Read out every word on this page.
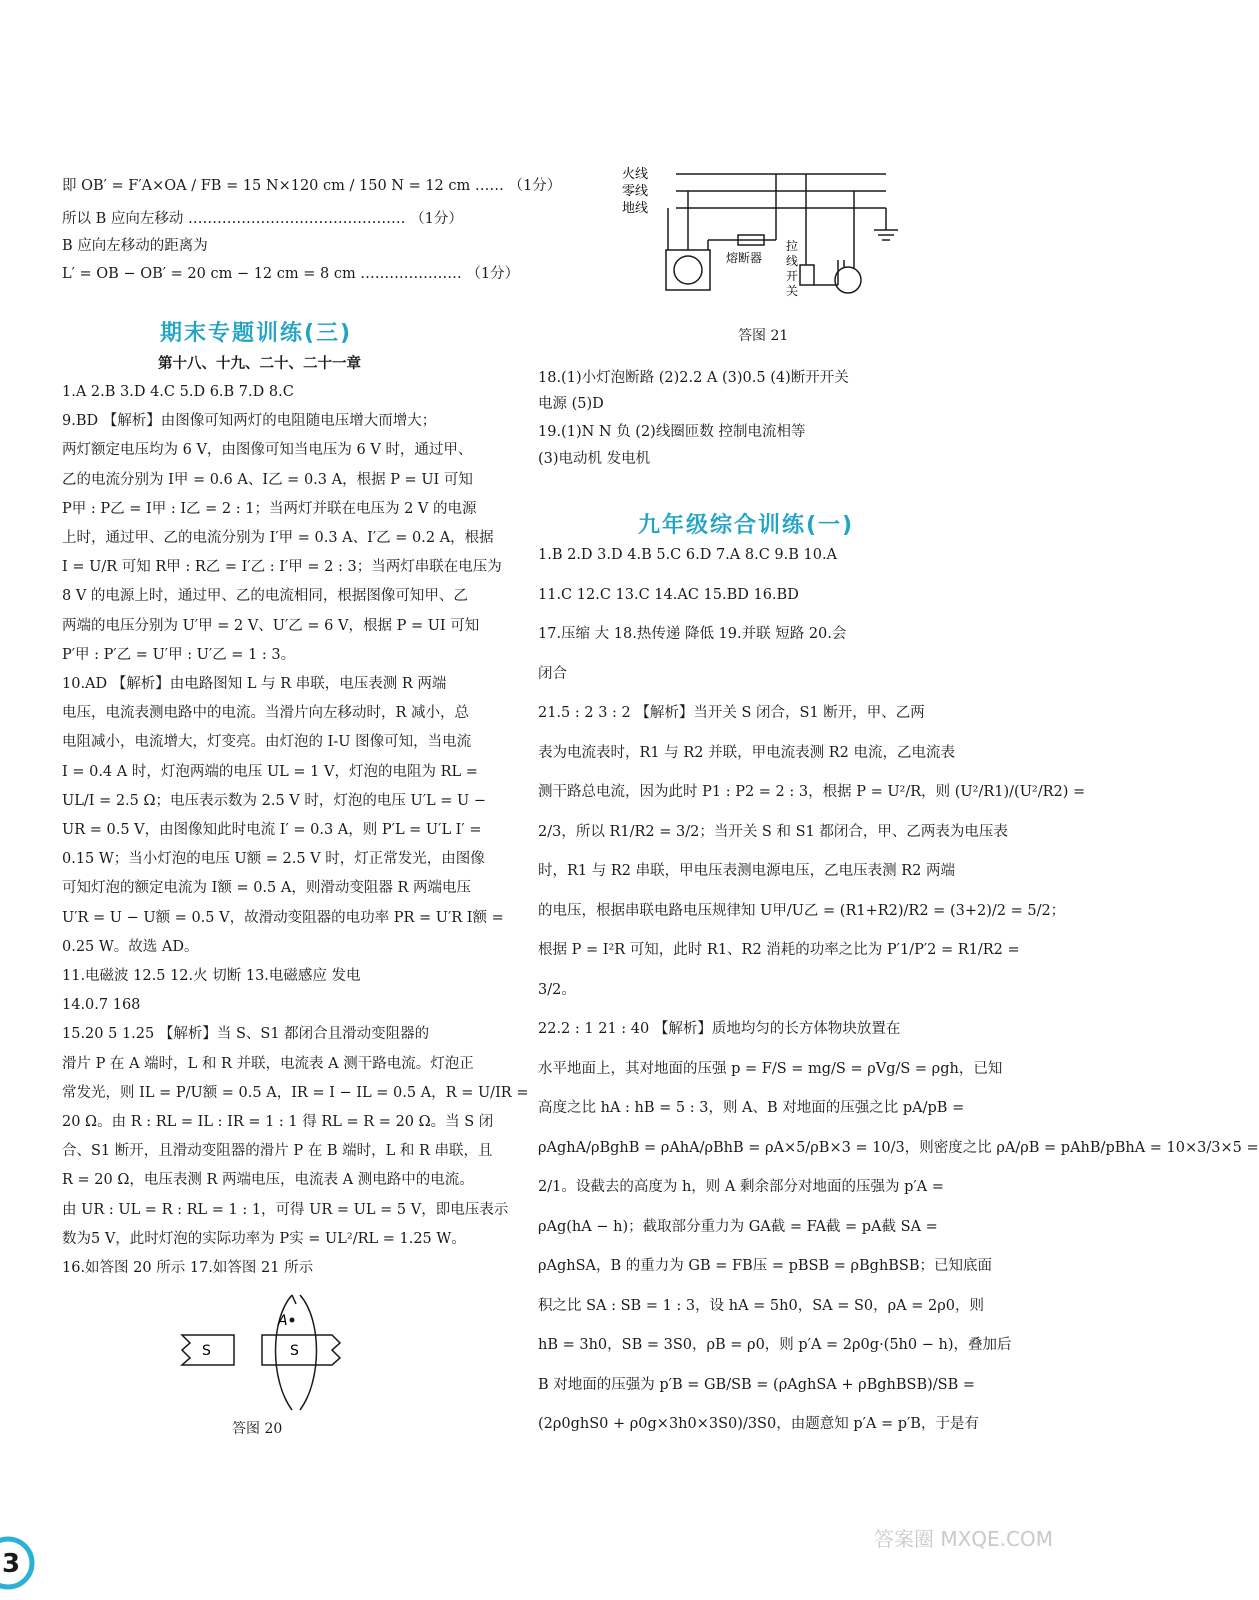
即 OB′ = F′A×OA / FB = 15 N×120 cm / 150 N = 12 cm …… （1分）
所以 B 应向左移动 ……………………………………… （1分）
B 应向左移动的距离为
L′ = OB − OB′ = 20 cm − 12 cm = 8 cm ………………… （1分）
期末专题训练(三)
第十八、十九、二十、二十一章
1.A 2.B 3.D 4.C 5.D 6.B 7.D 8.C
9.BD 【解析】由图像可知两灯的电阻随电压增大而增大；
两灯额定电压均为 6 V，由图像可知当电压为 6 V 时，通过甲、
乙的电流分别为 I甲 = 0.6 A、I乙 = 0.3 A，根据 P = UI 可知
P甲 : P乙 = I甲 : I乙 = 2 : 1；当两灯并联在电压为 2 V 的电源
上时，通过甲、乙的电流分别为 I′甲 = 0.3 A、I′乙 = 0.2 A，根据
I = U/R 可知 R甲 : R乙 = I′乙 : I′甲 = 2 : 3；当两灯串联在电压为
8 V 的电源上时，通过甲、乙的电流相同，根据图像可知甲、乙
两端的电压分别为 U′甲 = 2 V、U′乙 = 6 V，根据 P = UI 可知
P′甲 : P′乙 = U′甲 : U′乙 = 1 : 3。
10.AD 【解析】由电路图知 L 与 R 串联，电压表测 R 两端
电压，电流表测电路中的电流。当滑片向左移动时，R 减小，总
电阻减小，电流增大，灯变亮。由灯泡的 I-U 图像可知，当电流
I = 0.4 A 时，灯泡两端的电压 UL = 1 V，灯泡的电阻为 RL =
UL/I = 2.5 Ω；电压表示数为 2.5 V 时，灯泡的电压 U′L = U −
UR = 0.5 V，由图像知此时电流 I′ = 0.3 A，则 P′L = U′L I′ =
0.15 W；当小灯泡的电压 U额 = 2.5 V 时，灯正常发光，由图像
可知灯泡的额定电流为 I额 = 0.5 A，则滑动变阻器 R 两端电压
U′R = U − U额 = 0.5 V，故滑动变阻器的电功率 PR = U′R I额 =
0.25 W。故选 AD。
11.电磁波 12.5 12.火 切断 13.电磁感应 发电
14.0.7 168
15.20 5 1.25 【解析】当 S、S1 都闭合且滑动变阻器的
滑片 P 在 A 端时，L 和 R 并联，电流表 A 测干路电流。灯泡正
常发光，则 IL = P/U额 = 0.5 A，IR = I − IL = 0.5 A，R = U/IR =
20 Ω。由 R : RL = IL : IR = 1 : 1 得 RL = R = 20 Ω。当 S 闭
合、S1 断开，且滑动变阻器的滑片 P 在 B 端时，L 和 R 串联，且
R = 20 Ω，电压表测 R 两端电压，电流表 A 测电路中的电流。
由 UR : UL = R : RL = 1 : 1，可得 UR = UL = 5 V，即电压表示
数为5 V，此时灯泡的实际功率为 P实 = UL²/RL = 1.25 W。
16.如答图 20 所示 17.如答图 21 所示
A
S	S
答图 20
火线
零线
地线
熔断器
拉线开关
答图 21
18.(1)小灯泡断路 (2)2.2 A (3)0.5 (4)断开开关
电源 (5)D
19.(1)N N 负 (2)线圈匝数 控制电流相等
(3)电动机 发电机
九年级综合训练(一)
1.B 2.D 3.D 4.B 5.C 6.D 7.A 8.C 9.B 10.A
11.C 12.C 13.C 14.AC 15.BD 16.BD
17.压缩 大 18.热传递 降低 19.并联 短路 20.会
闭合
21.5 : 2 3 : 2 【解析】当开关 S 闭合，S1 断开，甲、乙两
表为电流表时，R1 与 R2 并联，甲电流表测 R2 电流，乙电流表
测干路总电流，因为此时 P1 : P2 = 2 : 3，根据 P = U²/R，则 (U²/R1)/(U²/R2) =
2/3，所以 R1/R2 = 3/2；当开关 S 和 S1 都闭合，甲、乙两表为电压表
时，R1 与 R2 串联，甲电压表测电源电压，乙电压表测 R2 两端
的电压，根据串联电路电压规律知 U甲/U乙 = (R1+R2)/R2 = (3+2)/2 = 5/2；
根据 P = I²R 可知，此时 R1、R2 消耗的功率之比为 P′1/P′2 = R1/R2 =
3/2。
22.2 : 1 21 : 40 【解析】质地均匀的长方体物块放置在
水平地面上，其对地面的压强 p = F/S = mg/S = ρVg/S = ρgh，已知
高度之比 hA : hB = 5 : 3，则 A、B 对地面的压强之比 pA/pB =
ρAghA/ρBghB = ρAhA/ρBhB = ρA×5/ρB×3 = 10/3，则密度之比 ρA/ρB = pAhB/pBhA = 10×3/3×5 =
2/1。设截去的高度为 h，则 A 剩余部分对地面的压强为 p′A =
ρAg(hA − h)；截取部分重力为 GA截 = FA截 = pA截 SA =
ρAghSA，B 的重力为 GB = FB压 = pBSB = ρBghBSB；已知底面
积之比 SA : SB = 1 : 3，设 hA = 5h0，SA = S0，ρA = 2ρ0，则
hB = 3h0，SB = 3S0，ρB = ρ0，则 p′A = 2ρ0g·(5h0 − h)，叠加后
B 对地面的压强为 p′B = GB/SB = (ρAghSA + ρBghBSB)/SB =
(2ρ0ghS0 + ρ0g×3h0×3S0)/3S0，由题意知 p′A = p′B，于是有
3
答案圈 MXQE.COM
